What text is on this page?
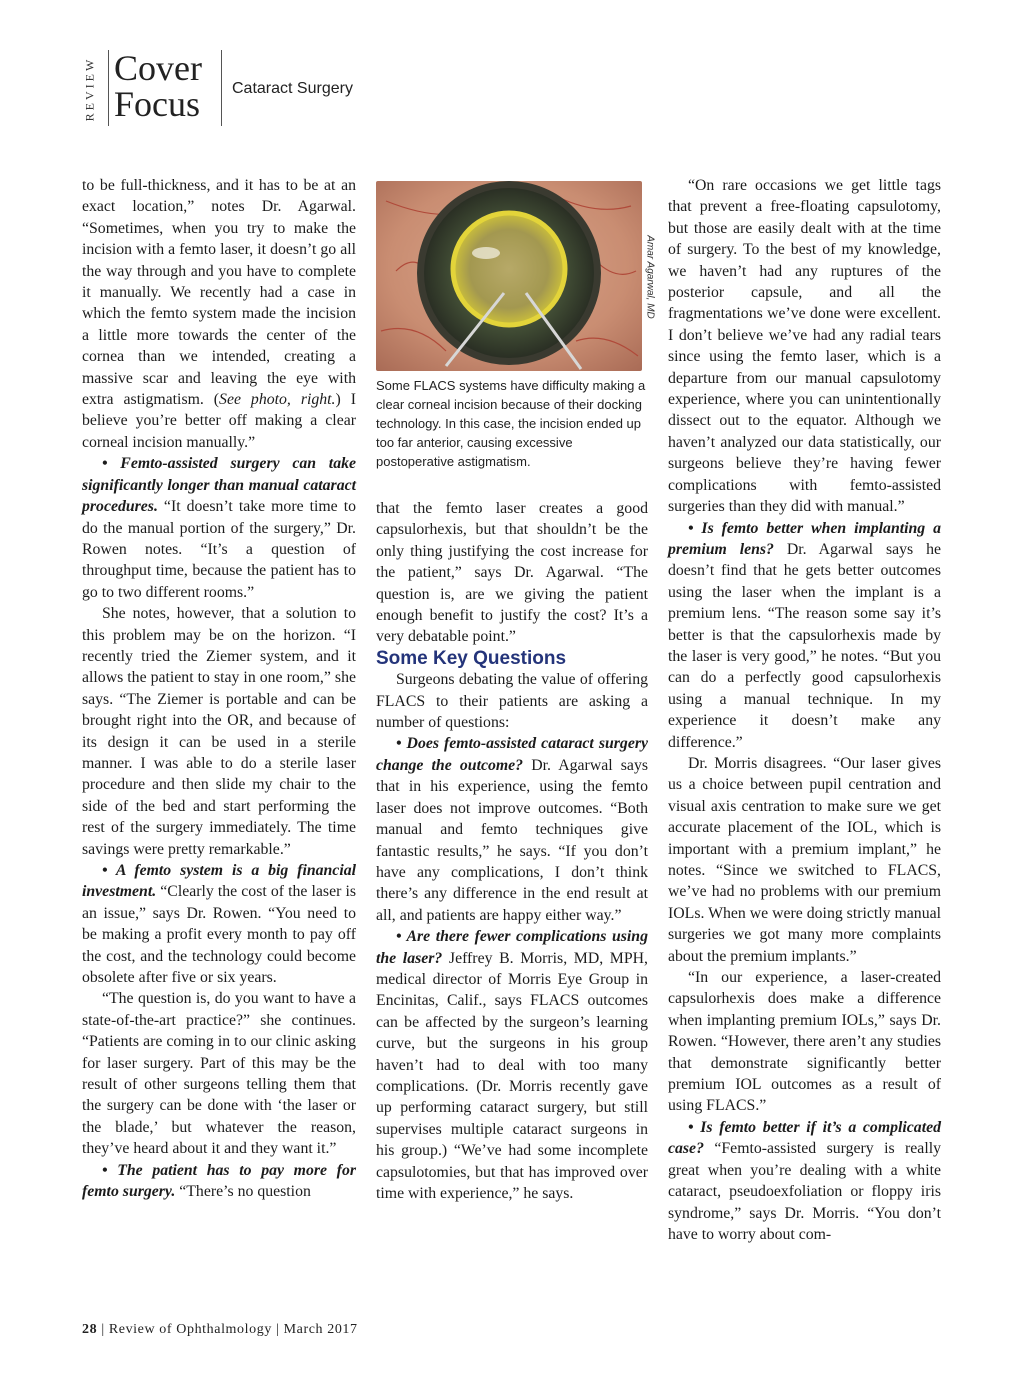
REVIEW Cover
Focus Cataract Surgery

to be full-thickness, and it has to be at an exact location,” notes Dr. Agarwal. “Sometimes, when you try to make the incision with a femto laser, it doesn’t go all the way through and you have to complete it manually. We recently had a case in which the femto system made the incision a little more towards the center of the cornea than we intended, creating a massive scar and leaving the eye with extra astigmatism. (See photo, right.) I believe you’re better off making a clear corneal incision manually.”

• Femto-assisted surgery can take significantly longer than manual cataract procedures. “It doesn’t take more time to do the manual portion of the surgery,” Dr. Rowen notes. “It’s a question of throughput time, because the patient has to go to two different rooms.”

She notes, however, that a solution to this problem may be on the horizon. “I recently tried the Ziemer system, and it allows the patient to stay in one room,” she says. “The Ziemer is portable and can be brought right into the OR, and because of its design it can be used in a sterile manner. I was able to do a sterile laser procedure and then slide my chair to the side of the bed and start performing the rest of the surgery immediately. The time savings were pretty remarkable.”

• A femto system is a big financial investment. “Clearly the cost of the laser is an issue,” says Dr. Rowen. “You need to be making a profit every month to pay off the cost, and the technology could become obsolete after five or six years.

“The question is, do you want to have a state-of-the-art practice?” she continues. “Patients are coming in to our clinic asking for laser surgery. Part of this may be the result of other surgeons telling them that the surgery can be done with ‘the laser or the blade,’ but whatever the reason, they’ve heard about it and they want it.”

• The patient has to pay more for femto surgery. “There’s no question

Amar Agarwal, MD
Some FLACS systems have difficulty making a clear corneal incision because of their docking technology. In this case, the incision ended up too far anterior, causing excessive postoperative astigmatism.

that the femto laser creates a good capsulorhexis, but that shouldn’t be the only thing justifying the cost increase for the patient,” says Dr. Agarwal. “The question is, are we giving the patient enough benefit to justify the cost? It’s a very debatable point.”

Some Key Questions

Surgeons debating the value of offering FLACS to their patients are asking a number of questions:

• Does femto-assisted cataract surgery change the outcome? Dr. Agarwal says that in his experience, using the femto laser does not improve outcomes. “Both manual and femto techniques give fantastic results,” he says. “If you don’t have any complications, I don’t think there’s any difference in the end result at all, and patients are happy either way.”

• Are there fewer complications using the laser? Jeffrey B. Morris, MD, MPH, medical director of Morris Eye Group in Encinitas, Calif., says FLACS outcomes can be affected by the surgeon’s learning curve, but the surgeons in his group haven’t had to deal with too many complications. (Dr. Morris recently gave up performing cataract surgery, but still supervises multiple cataract surgeons in his group.) “We’ve had some incomplete capsulotomies, but that has improved over time with experience,” he says.

“On rare occasions we get little tags that prevent a free-floating capsulotomy, but those are easily dealt with at the time of surgery. To the best of my knowledge, we haven’t had any ruptures of the posterior capsule, and all the fragmentations we’ve done were excellent. I don’t believe we’ve had any radial tears since using the femto laser, which is a departure from our manual capsulotomy experience, where you can unintentionally dissect out to the equator. Although we haven’t analyzed our data statistically, our surgeons believe they’re having fewer complications with femto-assisted surgeries than they did with manual.”

• Is femto better when implanting a premium lens? Dr. Agarwal says he doesn’t find that he gets better outcomes using the laser when the implant is a premium lens. “The reason some say it’s better is that the capsulorhexis made by the laser is very good,” he notes. “But you can do a perfectly good capsulorhexis using a manual technique. In my experience it doesn’t make any difference.”

Dr. Morris disagrees. “Our laser gives us a choice between pupil centration and visual axis centration to make sure we get accurate placement of the IOL, which is important with a premium implant,” he notes. “Since we switched to FLACS, we’ve had no problems with our premium IOLs. When we were doing strictly manual surgeries we got many more complaints about the premium implants.”

“In our experience, a laser-created capsulorhexis does make a difference when implanting premium IOLs,” says Dr. Rowen. “However, there aren’t any studies that demonstrate significantly better premium IOL outcomes as a result of using FLACS.”

• Is femto better if it’s a complicated case? “Femto-assisted surgery is really great when you’re dealing with a white cataract, pseudoexfoliation or floppy iris syndrome,” says Dr. Morris. “You don’t have to worry about com-

28 | Review of Ophthalmology | March 2017
